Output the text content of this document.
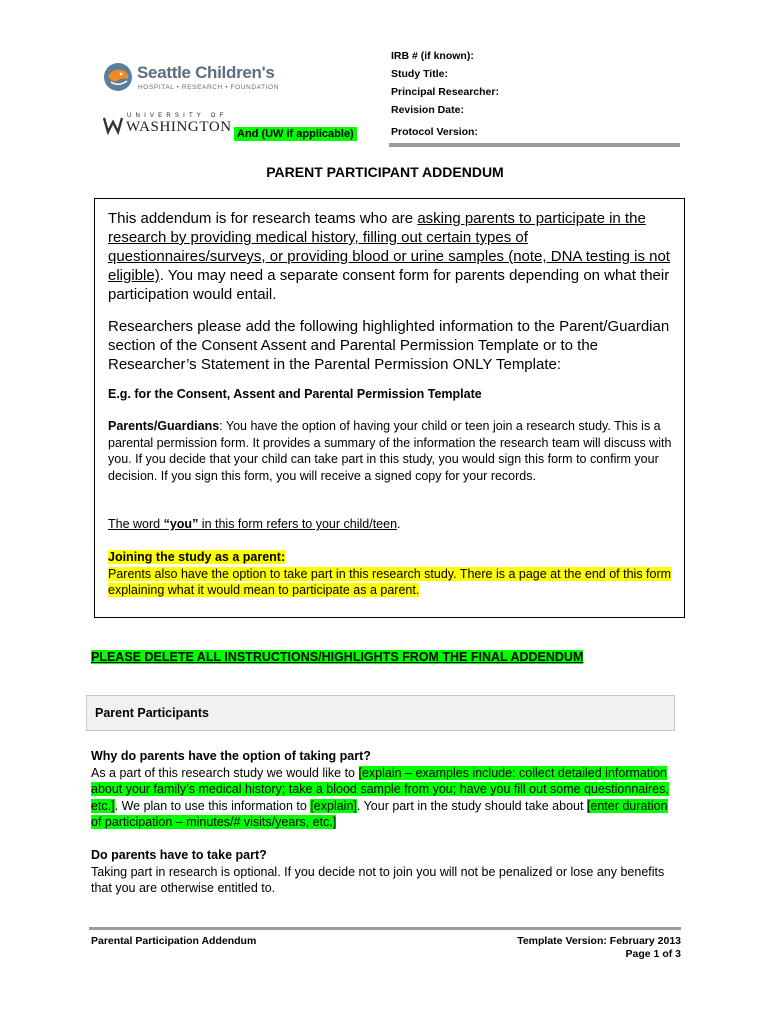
Seattle Children's
HOSPITAL • RESEARCH • FOUNDATION
UNIVERSITY OF
WASHINGTON And (UW if applicable)
IRB # (if known):
Study Title:
Principal Researcher:
Revision Date:
Protocol Version:
PARENT PARTICIPANT ADDENDUM
This addendum is for research teams who are asking parents to participate in the research by providing medical history, filling out certain types of questionnaires/surveys, or providing blood or urine samples (note, DNA testing is not eligible). You may need a separate consent form for parents depending on what their participation would entail.
Researchers please add the following highlighted information to the Parent/Guardian section of the Consent Assent and Parental Permission Template or to the Researcher’s Statement in the Parental Permission ONLY Template:
E.g. for the Consent, Assent and Parental Permission Template
Parents/Guardians: You have the option of having your child or teen join a research study. This is a parental permission form. It provides a summary of the information the research team will discuss with you. If you decide that your child can take part in this study, you would sign this form to confirm your decision. If you sign this form, you will receive a signed copy for your records.
The word “you” in this form refers to your child/teen.
Joining the study as a parent:
Parents also have the option to take part in this research study. There is a page at the end of this form explaining what it would mean to participate as a parent.
PLEASE DELETE ALL INSTRUCTIONS/HIGHLIGHTS FROM THE FINAL ADDENDUM
Parent Participants
Why do parents have the option of taking part?
As a part of this research study we would like to [explain – examples include: collect detailed information about your family’s medical history; take a blood sample from you; have you fill out some questionnaires, etc.]. We plan to use this information to [explain]. Your part in the study should take about [enter duration of participation – minutes/# visits/years, etc.]
Do parents have to take part?
Taking part in research is optional. If you decide not to join you will not be penalized or lose any benefits that you are otherwise entitled to.
Parental Participation Addendum	Template Version: February 2013
Page 1 of 3
